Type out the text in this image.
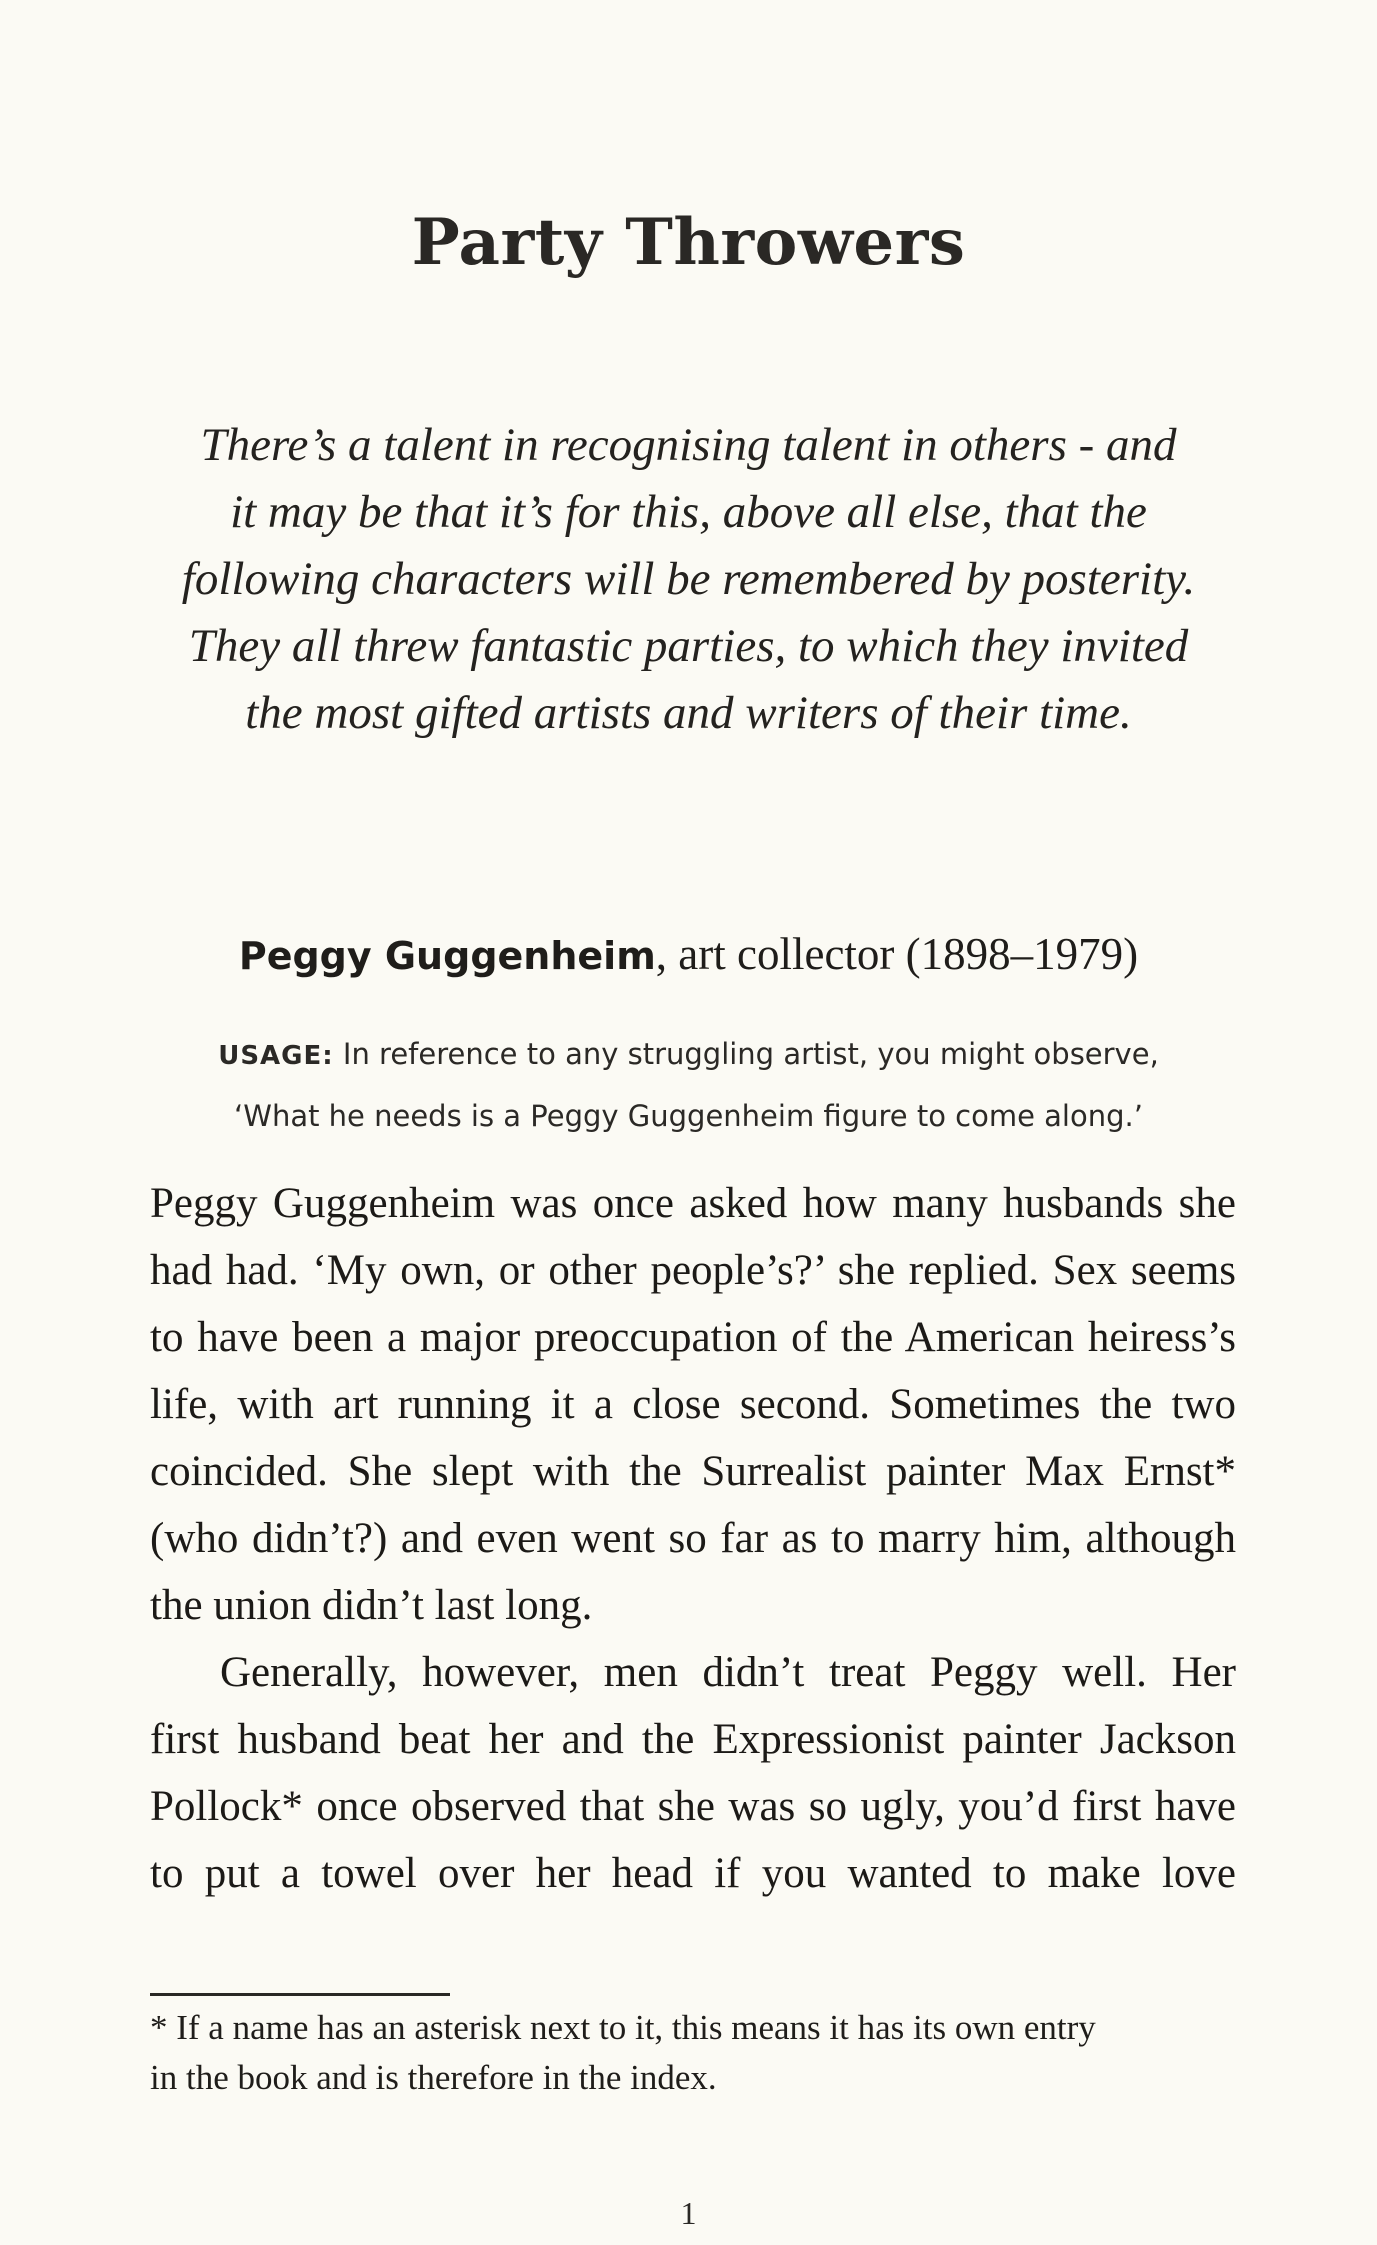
Party Throwers
There’s a talent in recognising talent in others - and
it may be that it’s for this, above all else, that the
following characters will be remembered by posterity.
They all threw fantastic parties, to which they invited
the most gifted artists and writers of their time.
Peggy Guggenheim, art collector (1898–1979)
USAGE: In reference to any struggling artist, you might observe,
‘What he needs is a Peggy Guggenheim figure to come along.’
Peggy Guggenheim was once asked how many husbands she
had had. ‘My own, or other people’s?’ she replied. Sex seems
to have been a major preoccupation of the American heiress’s
life, with art running it a close second. Sometimes the two
coincided. She slept with the Surrealist painter Max Ernst*
(who didn’t?) and even went so far as to marry him, although
the union didn’t last long.
Generally, however, men didn’t treat Peggy well. Her
first husband beat her and the Expressionist painter Jackson
Pollock* once observed that she was so ugly, you’d first have
to put a towel over her head if you wanted to make love
* If a name has an asterisk next to it, this means it has its own entry
in the book and is therefore in the index.
1
